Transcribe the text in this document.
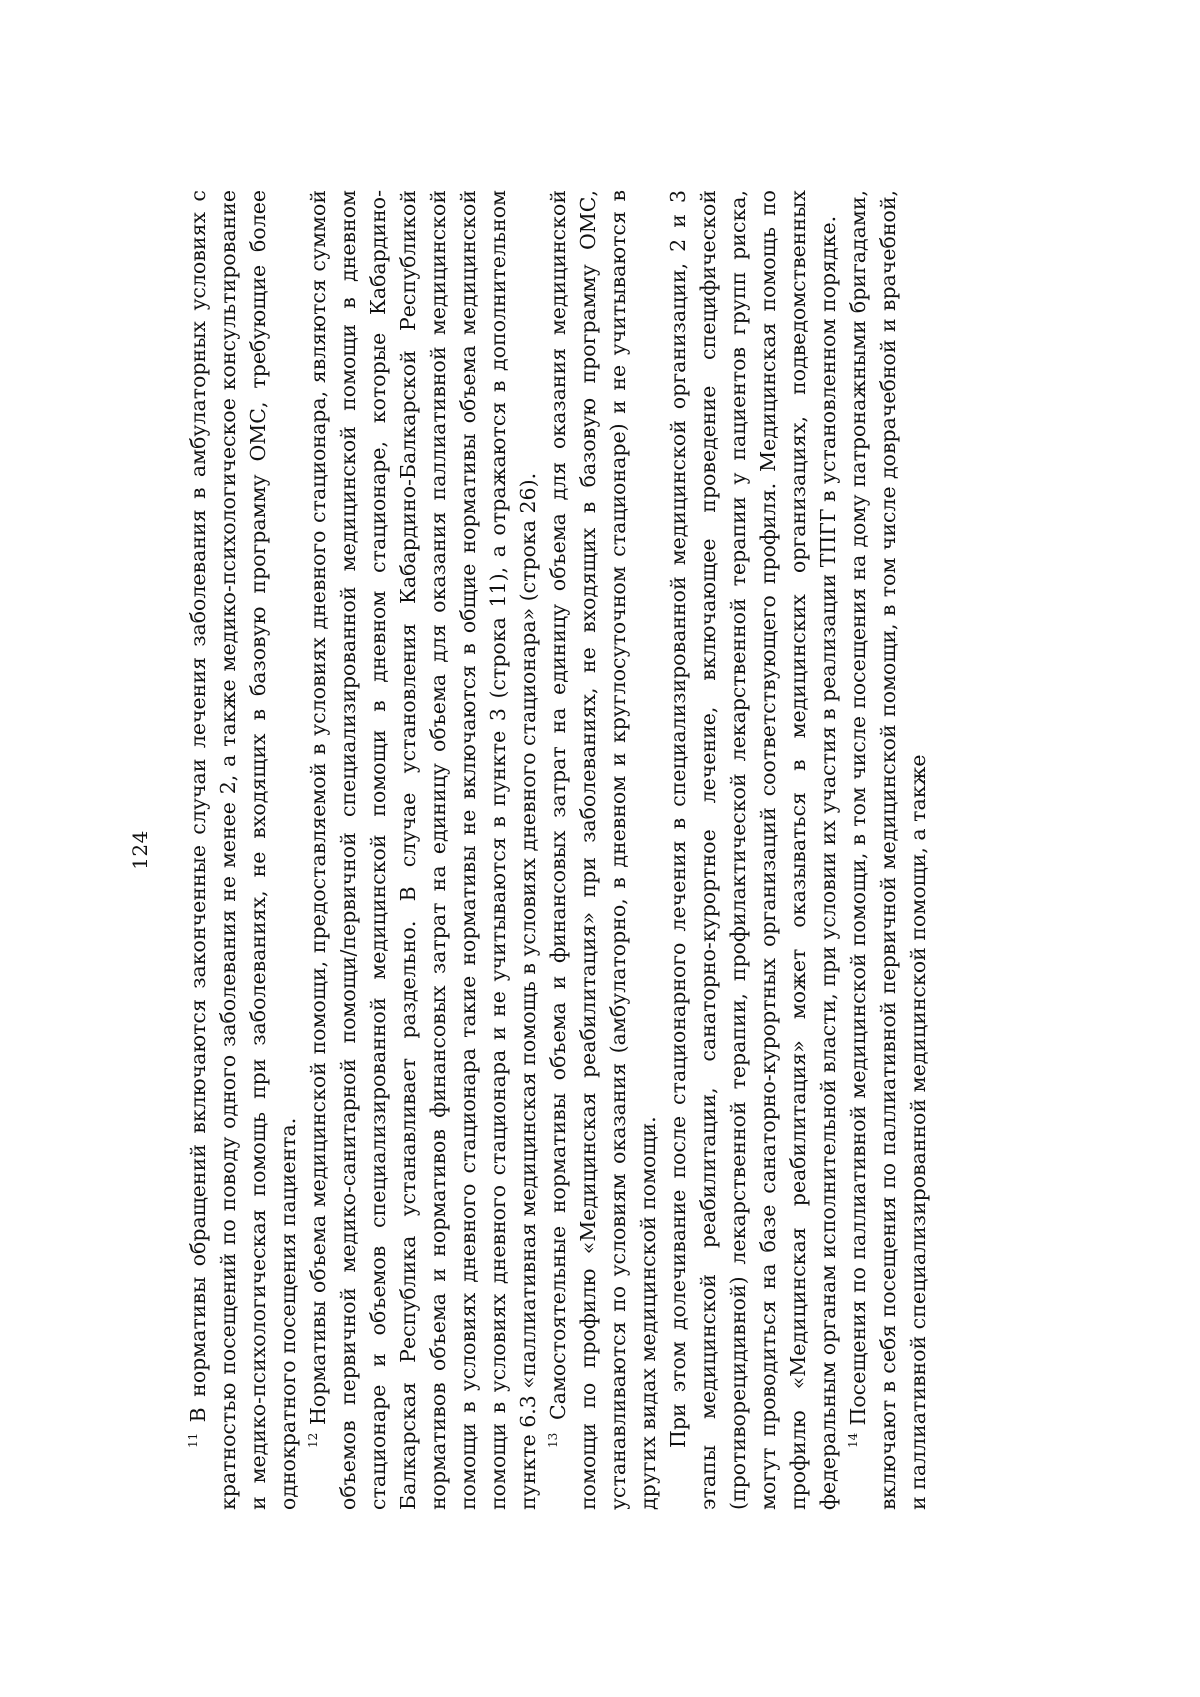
124

$^{11}$ В нормативы обращений включаются законченные случаи лечения заболевания в амбулаторных условиях с кратностью посещений по поводу одного заболевания не менее 2, а также медико-психологическое консультирование и медико-психологическая помощь при заболеваниях, не входящих в базовую программу ОМС, требующие более однократного посещения пациента. $^{12}$ Нормативы объема медицинской помощи, предоставляемой в условиях дневного стационара, являются суммой объемов первичной медико-санитарной помощи/первичной специализированной медицинской помощи в дневном стационаре и объемов специализированной медицинской помощи в дневном стационаре, которые Кабардино-Балкарская Республика устанавливает раздельно. В случае установления Кабардино-Балкарской Республикой нормативов объема и нормативов финансовых затрат на единицу объема для оказания паллиативной медицинской помощи в условиях дневного стационара такие нормативы не включаются в общие нормативы объема медицинской помощи в условиях дневного стационара и не учитываются в пункте 3 (строка 11), а отражаются в дополнительном пункте 6.3 «паллиативная медицинская помощь в условиях дневного стационара» (строка 26). $^{13}$ Самостоятельные нормативы объема и финансовых затрат на единицу объема для оказания медицинской помощи по профилю «Медицинская реабилитация» при заболеваниях, не входящих в базовую программу ОМС, устанавливаются по условиям оказания (амбулаторно, в дневном и круглосуточном стационаре) и не учитываются в других видах медицинской помощи. При этом долечивание после стационарного лечения в специализированной медицинской организации, 2 и 3 этапы медицинской реабилитации, санаторно-курортное лечение, включающее проведение специфической (противорецидивной) лекарственной терапии, профилактической лекарственной терапии у пациентов групп риска, могут проводиться на базе санаторно-курортных организаций соответствующего профиля. Медицинская помощь по профилю «Медицинская реабилитация» может оказываться в медицинских организациях, подведомственных федеральным органам исполнительной власти, при условии их участия в реализации ТПГГ в установленном порядке. $^{14}$ Посещения по паллиативной медицинской помощи, в том числе посещения на дому патронажными бригадами, включают в себя посещения по паллиативной первичной медицинской помощи, в том числе доврачебной и врачебной, и паллиативной специализированной медицинской помощи, а также
